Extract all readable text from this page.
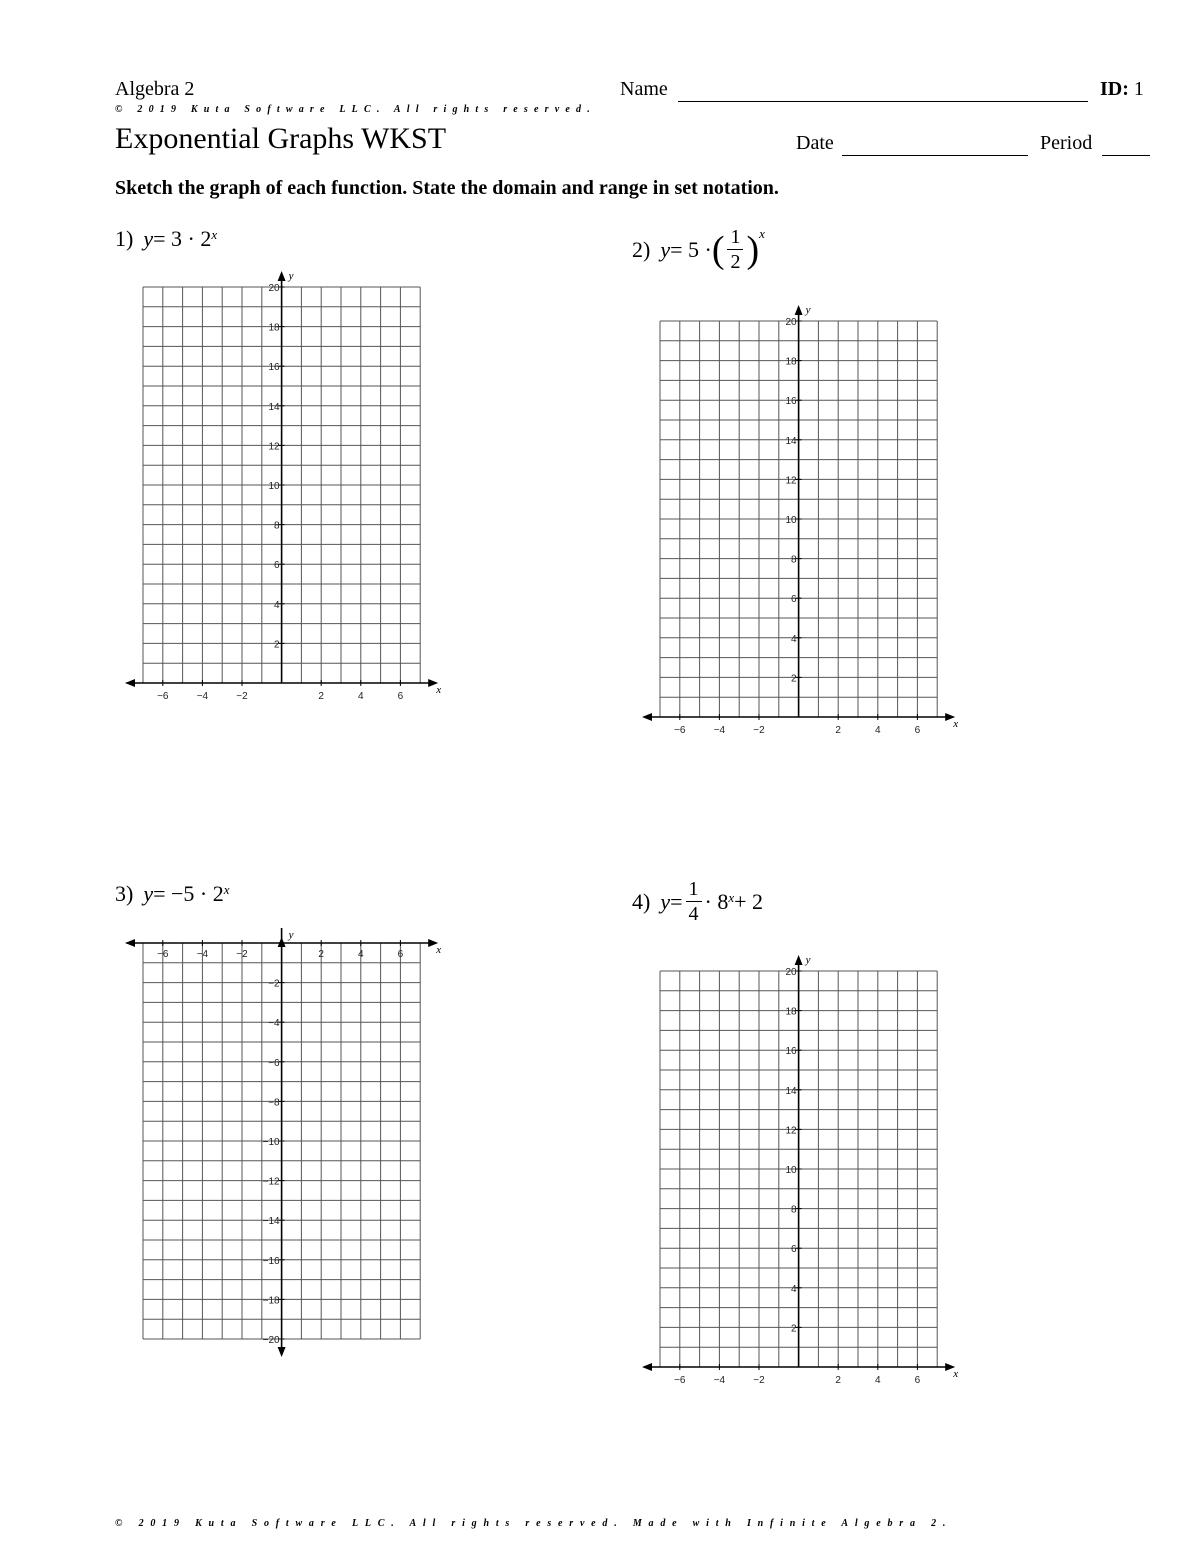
Algebra 2	Name	ID: 1
© 2019 Kuta Software LLC. All rights reserved.
Exponential Graphs WKST	Date	Period
Sketch the graph of each function. State the domain and range in set notation.
1) y = 3 · 2 x
2) y = 5 · ( $\frac{1}{2}$ ) x
3) y = −5 · 2 x	4) $y = \frac{1}{4} \cdot 8$ x + 2
x
y
−6	−4	−2	2	4	6
2
4
6
8
10
12
14
16
18
20
x
y
−6	−4	−2	2	4	6
2
4
6
8
10
12
14
16
18
20
x
y
−6	−4	−2	2	4	6
−2
−4
−6
−8
−10
−12
−14
−16
−18
−20
x
y
−6	−4	−2	2	4	6
2
4
6
8
10
12
14
16
18
20
© 2019 Kuta Software LLC. All rights reserved. Made with Infinite Algebra 2.
